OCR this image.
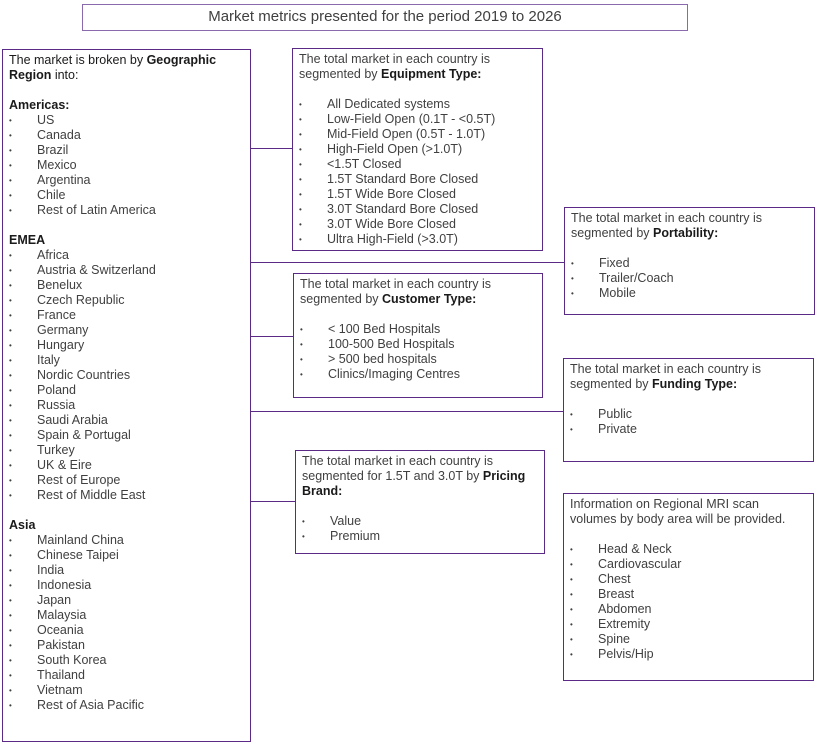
Market metrics presented for the period 2019 to 2026
The market is broken by Geographic Region into:
Americas:
• US
• Canada
• Brazil
• Mexico
• Argentina
• Chile
• Rest of Latin America
EMEA
• Africa
• Austria & Switzerland
• Benelux
• Czech Republic
• France
• Germany
• Hungary
• Italy
• Nordic Countries
• Poland
• Russia
• Saudi Arabia
• Spain & Portugal
• Turkey
• UK & Eire
• Rest of Europe
• Rest of Middle East
Asia
• Mainland China
• Chinese Taipei
• India
• Indonesia
• Japan
• Malaysia
• Oceania
• Pakistan
• South Korea
• Thailand
• Vietnam
• Rest of Asia Pacific
The total market in each country is segmented by Equipment Type:
• All Dedicated systems
• Low-Field Open (0.1T - <0.5T)
• Mid-Field Open (0.5T - 1.0T)
• High-Field Open (>1.0T)
• <1.5T Closed
• 1.5T Standard Bore Closed
• 1.5T Wide Bore Closed
• 3.0T Standard Bore Closed
• 3.0T Wide Bore Closed
• Ultra High-Field (>3.0T)
The total market in each country is segmented by Portability:
• Fixed
• Trailer/Coach
• Mobile
The total market in each country is segmented by Customer Type:
• < 100 Bed Hospitals
• 100-500 Bed Hospitals
• > 500 bed hospitals
• Clinics/Imaging Centres	The total market in each country is segmented by Funding Type:
• Public
• Private
The total market in each country is segmented for 1.5T and 3.0T by Pricing Brand:
• Value
• Premium
Information on Regional MRI scan volumes by body area will be provided.
• Head & Neck
• Cardiovascular
• Chest
• Breast
• Abdomen
• Extremity
• Spine
• Pelvis/Hip
